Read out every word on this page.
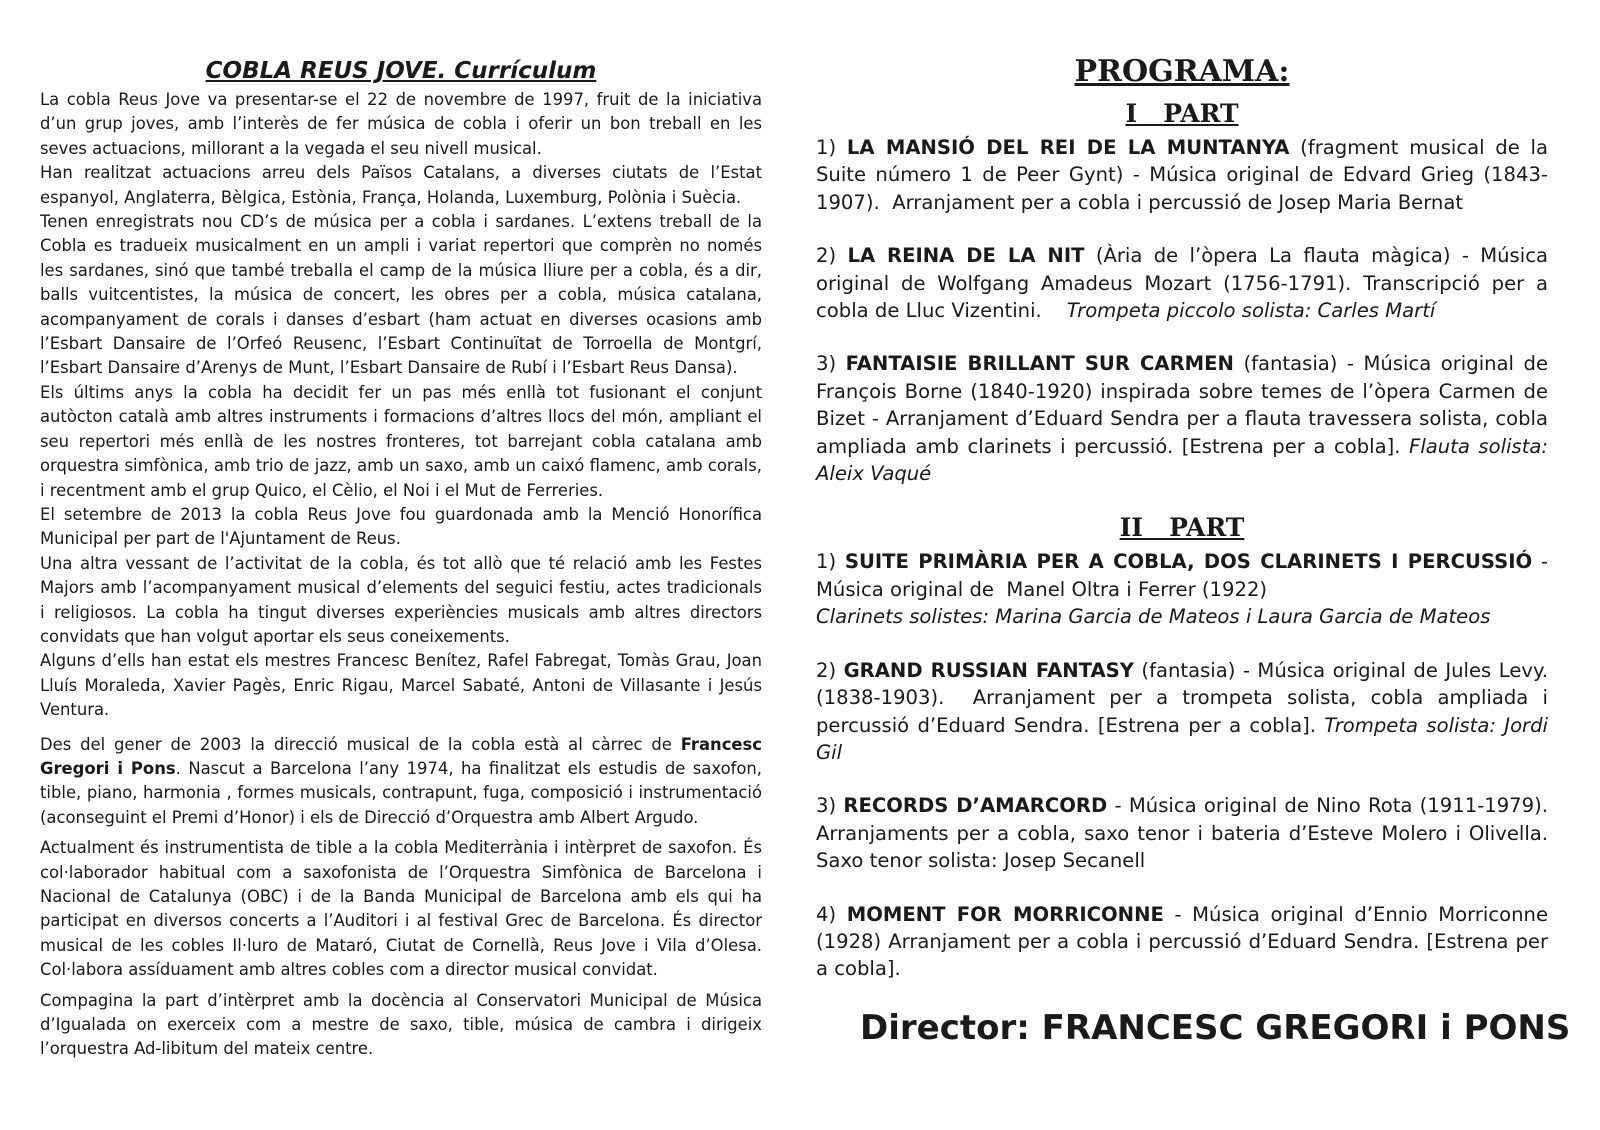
COBLA REUS JOVE. Currículum

La cobla Reus Jove va presentar-se el 22 de novembre de 1997, fruit de la iniciativa d’un grup joves, amb l’interès de fer música de cobla i oferir un bon treball en les seves actuacions, millorant a la vegada el seu nivell musical.

Han realitzat actuacions arreu dels Països Catalans, a diverses ciutats de l’Estat espanyol, Anglaterra, Bèlgica, Estònia, França, Holanda, Luxemburg, Polònia i Suècia.

Tenen enregistrats nou CD’s de música per a cobla i sardanes. L’extens treball de la Cobla es tradueix musicalment en un ampli i variat repertori que comprèn no només les sardanes, sinó que també treballa el camp de la música lliure per a cobla, és a dir, balls vuitcentistes, la música de concert, les obres per a cobla, música catalana, acompanyament de corals i danses d’esbart (ham actuat en diverses ocasions amb l’Esbart Dansaire de l’Orfeó Reusenc, l’Esbart Continuïtat de Torroella de Montgrí, l’Esbart Dansaire d’Arenys de Munt, l’Esbart Dansaire de Rubí i l’Esbart Reus Dansa).

Els últims anys la cobla ha decidit fer un pas més enllà tot fusionant el conjunt autòcton català amb altres instruments i formacions d’altres llocs del món, ampliant el seu repertori més enllà de les nostres fronteres, tot barrejant cobla catalana amb orquestra simfònica, amb trio de jazz, amb un saxo, amb un caixó flamenc, amb corals, i recentment amb el grup Quico, el Cèlio, el Noi i el Mut de Ferreries.

El setembre de 2013 la cobla Reus Jove fou guardonada amb la Menció Honorífica Municipal per part de l'Ajuntament de Reus.

Una altra vessant de l’activitat de la cobla, és tot allò que té relació amb les Festes Majors amb l’acompanyament musical d’elements del seguici festiu, actes tradicionals i religiosos. La cobla ha tingut diverses experiències musicals amb altres directors convidats que han volgut aportar els seus coneixements.

Alguns d’ells han estat els mestres Francesc Benítez, Rafel Fabregat, Tomàs Grau, Joan Lluís Moraleda, Xavier Pagès, Enric Rigau, Marcel Sabaté, Antoni de Villasante i Jesús Ventura.

Des del gener de 2003 la direcció musical de la cobla està al càrrec de Francesc Gregori i Pons. Nascut a Barcelona l’any 1974, ha finalitzat els estudis de saxofon, tible, piano, harmonia , formes musicals, contrapunt, fuga, composició i instrumentació (aconseguint el Premi d’Honor) i els de Direcció d’Orquestra amb Albert Argudo.

Actualment és instrumentista de tible a la cobla Mediterrània i intèrpret de saxofon. És col·laborador habitual com a saxofonista de l’Orquestra Simfònica de Barcelona i Nacional de Catalunya (OBC) i de la Banda Municipal de Barcelona amb els qui ha participat en diversos concerts a l’Auditori i al festival Grec de Barcelona. És director musical de les cobles Il·luro de Mataró, Ciutat de Cornellà, Reus Jove i Vila d’Olesa. Col·labora assíduament amb altres cobles com a director musical convidat.

Compagina la part d’intèrpret amb la docència al Conservatori Municipal de Música d’Igualada on exerceix com a mestre de saxo, tible, música de cambra i dirigeix l’orquestra Ad-libitum del mateix centre.

PROGRAMA:
I   PART

1) LA MANSIÓ DEL REI DE LA MUNTANYA (fragment musical de la Suite número 1 de Peer Gynt) - Música original de Edvard Grieg (1843-1907).  Arranjament per a cobla i percussió de Josep Maria Bernat

2) LA REINA DE LA NIT (Ària de l’òpera La flauta màgica) - Música original de Wolfgang Amadeus Mozart (1756-1791). Transcripció per a cobla de Lluc Vizentini.    Trompeta piccolo solista: Carles Martí

3) FANTAISIE BRILLANT SUR CARMEN (fantasia) - Música original de François Borne (1840-1920) inspirada sobre temes de l’òpera Carmen de Bizet - Arranjament d’Eduard Sendra per a flauta travessera solista, cobla ampliada amb clarinets i percussió. [Estrena per a cobla]. Flauta solista: Aleix Vaqué

II   PART

1) SUITE PRIMÀRIA PER A COBLA, DOS CLARINETS I PERCUSSIÓ - Música original de  Manel Oltra i Ferrer (1922)
Clarinets solistes: Marina Garcia de Mateos i Laura Garcia de Mateos

2) GRAND RUSSIAN FANTASY (fantasia) - Música original de Jules Levy. (1838-1903).  Arranjament per a trompeta solista, cobla ampliada i percussió d’Eduard Sendra. [Estrena per a cobla]. Trompeta solista: Jordi Gil

3) RECORDS D’AMARCORD - Música original de Nino Rota (1911-1979). Arranjaments per a cobla, saxo tenor i bateria d’Esteve Molero i Olivella. Saxo tenor solista: Josep Secanell

4) MOMENT FOR MORRICONNE - Música original d’Ennio Morriconne (1928) Arranjament per a cobla i percussió d’Eduard Sendra. [Estrena per a cobla].

Director: FRANCESC GREGORI i PONS
